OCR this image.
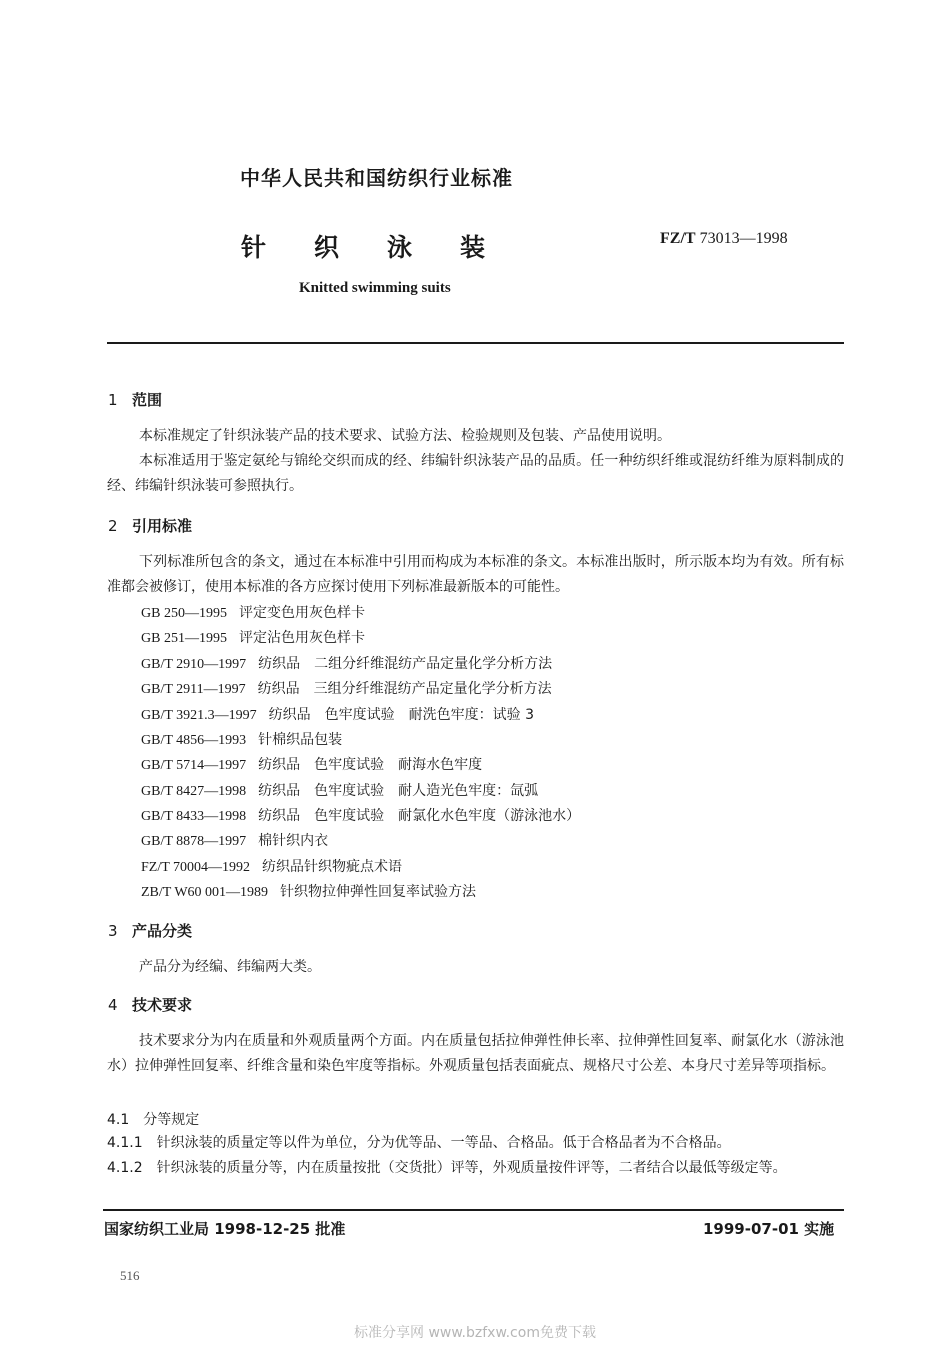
中华人民共和国纺织行业标准
针织泳装	FZ/T 73013—1998
Knitted swimming suits
1 范围
本标准规定了针织泳装产品的技术要求、试验方法、检验规则及包装、产品使用说明。
本标准适用于鉴定氨纶与锦纶交织而成的经、纬编针织泳装产品的品质。任一种纺织纤维或混纺纤维为原料制成的经、纬编针织泳装可参照执行。
2 引用标准
下列标准所包含的条文，通过在本标准中引用而构成为本标准的条文。本标准出版时，所示版本均为有效。所有标准都会被修订，使用本标准的各方应探讨使用下列标准最新版本的可能性。
GB 250—1995 评定变色用灰色样卡
GB 251—1995 评定沾色用灰色样卡
GB/T 2910—1997 纺织品　二组分纤维混纺产品定量化学分析方法
GB/T 2911—1997 纺织品　三组分纤维混纺产品定量化学分析方法
GB/T 3921.3—1997 纺织品　色牢度试验　耐洗色牢度：试验 3
GB/T 4856—1993 针棉织品包装
GB/T 5714—1997 纺织品　色牢度试验　耐海水色牢度
GB/T 8427—1998 纺织品　色牢度试验　耐人造光色牢度：氙弧
GB/T 8433—1998 纺织品　色牢度试验　耐氯化水色牢度（游泳池水）
GB/T 8878—1997 棉针织内衣
FZ/T 70004—1992 纺织品针织物疵点术语
ZB/T W60 001—1989 针织物拉伸弹性回复率试验方法
3 产品分类
产品分为经编、纬编两大类。
4 技术要求
技术要求分为内在质量和外观质量两个方面。内在质量包括拉伸弹性伸长率、拉伸弹性回复率、耐氯化水（游泳池水）拉伸弹性回复率、纤维含量和染色牢度等指标。外观质量包括表面疵点、规格尺寸公差、本身尺寸差异等项指标。
4.1　 分等规定
4.1.1　 针织泳装的质量定等以件为单位，分为优等品、一等品、合格品。低于合格品者为不合格品。
4.1.2　 针织泳装的质量分等，内在质量按批（交货批）评等，外观质量按件评等，二者结合以最低等级定等。
国家纺织工业局 1998-12-25 批准	1999-07-01 实施
516
标准分享网 www.bzfxw.com免费下载
